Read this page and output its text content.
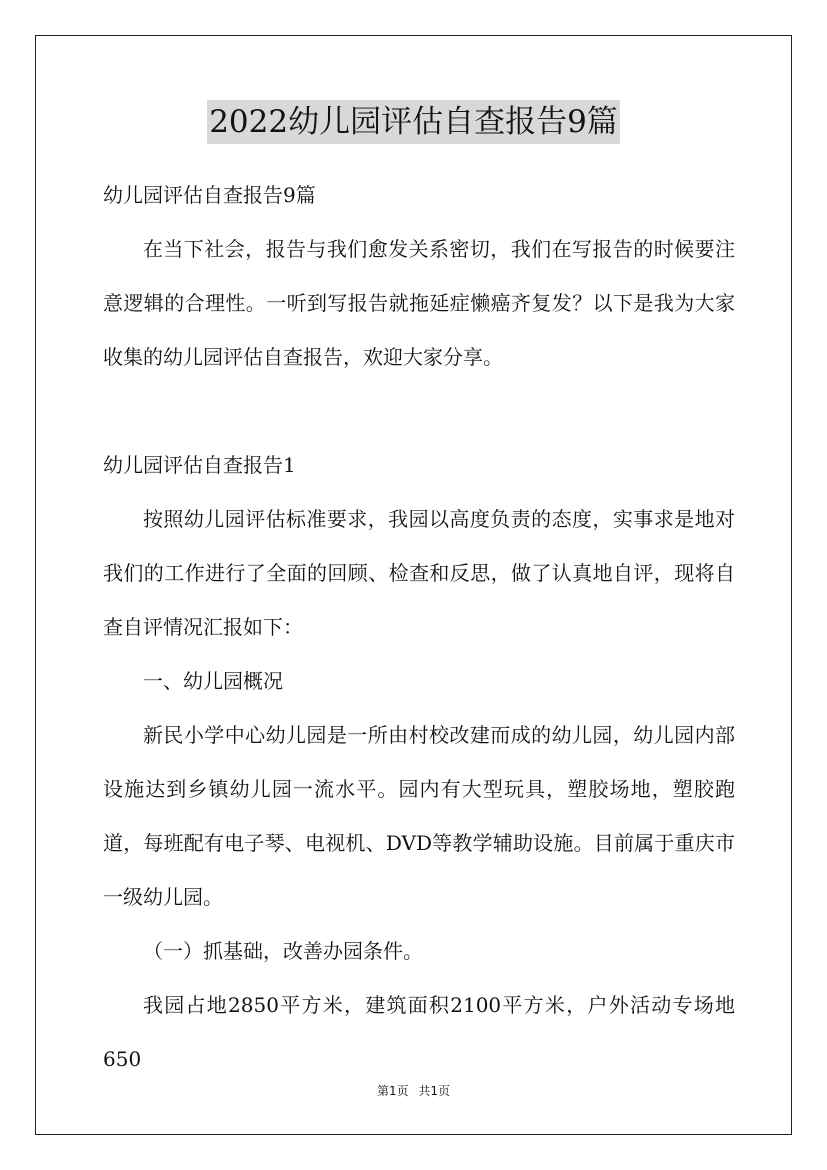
2022幼儿园评估自查报告9篇

幼儿园评估自查报告9篇

在当下社会，报告与我们愈发关系密切，我们在写报告的时候要注意逻辑的合理性。一听到写报告就拖延症懒癌齐复发？以下是我为大家收集的幼儿园评估自查报告，欢迎大家分享。

幼儿园评估自查报告1

按照幼儿园评估标准要求，我园以高度负责的态度，实事求是地对我们的工作进行了全面的回顾、检查和反思，做了认真地自评，现将自查自评情况汇报如下：

一、幼儿园概况

新民小学中心幼儿园是一所由村校改建而成的幼儿园，幼儿园内部设施达到乡镇幼儿园一流水平。园内有大型玩具，塑胶场地，塑胶跑道，每班配有电子琴、电视机、DVD等教学辅助设施。目前属于重庆市一级幼儿园。

（一）抓基础，改善办园条件。

我园占地2850平方米，建筑面积2100平方米，户外活动专场地650

第1页 共1页
